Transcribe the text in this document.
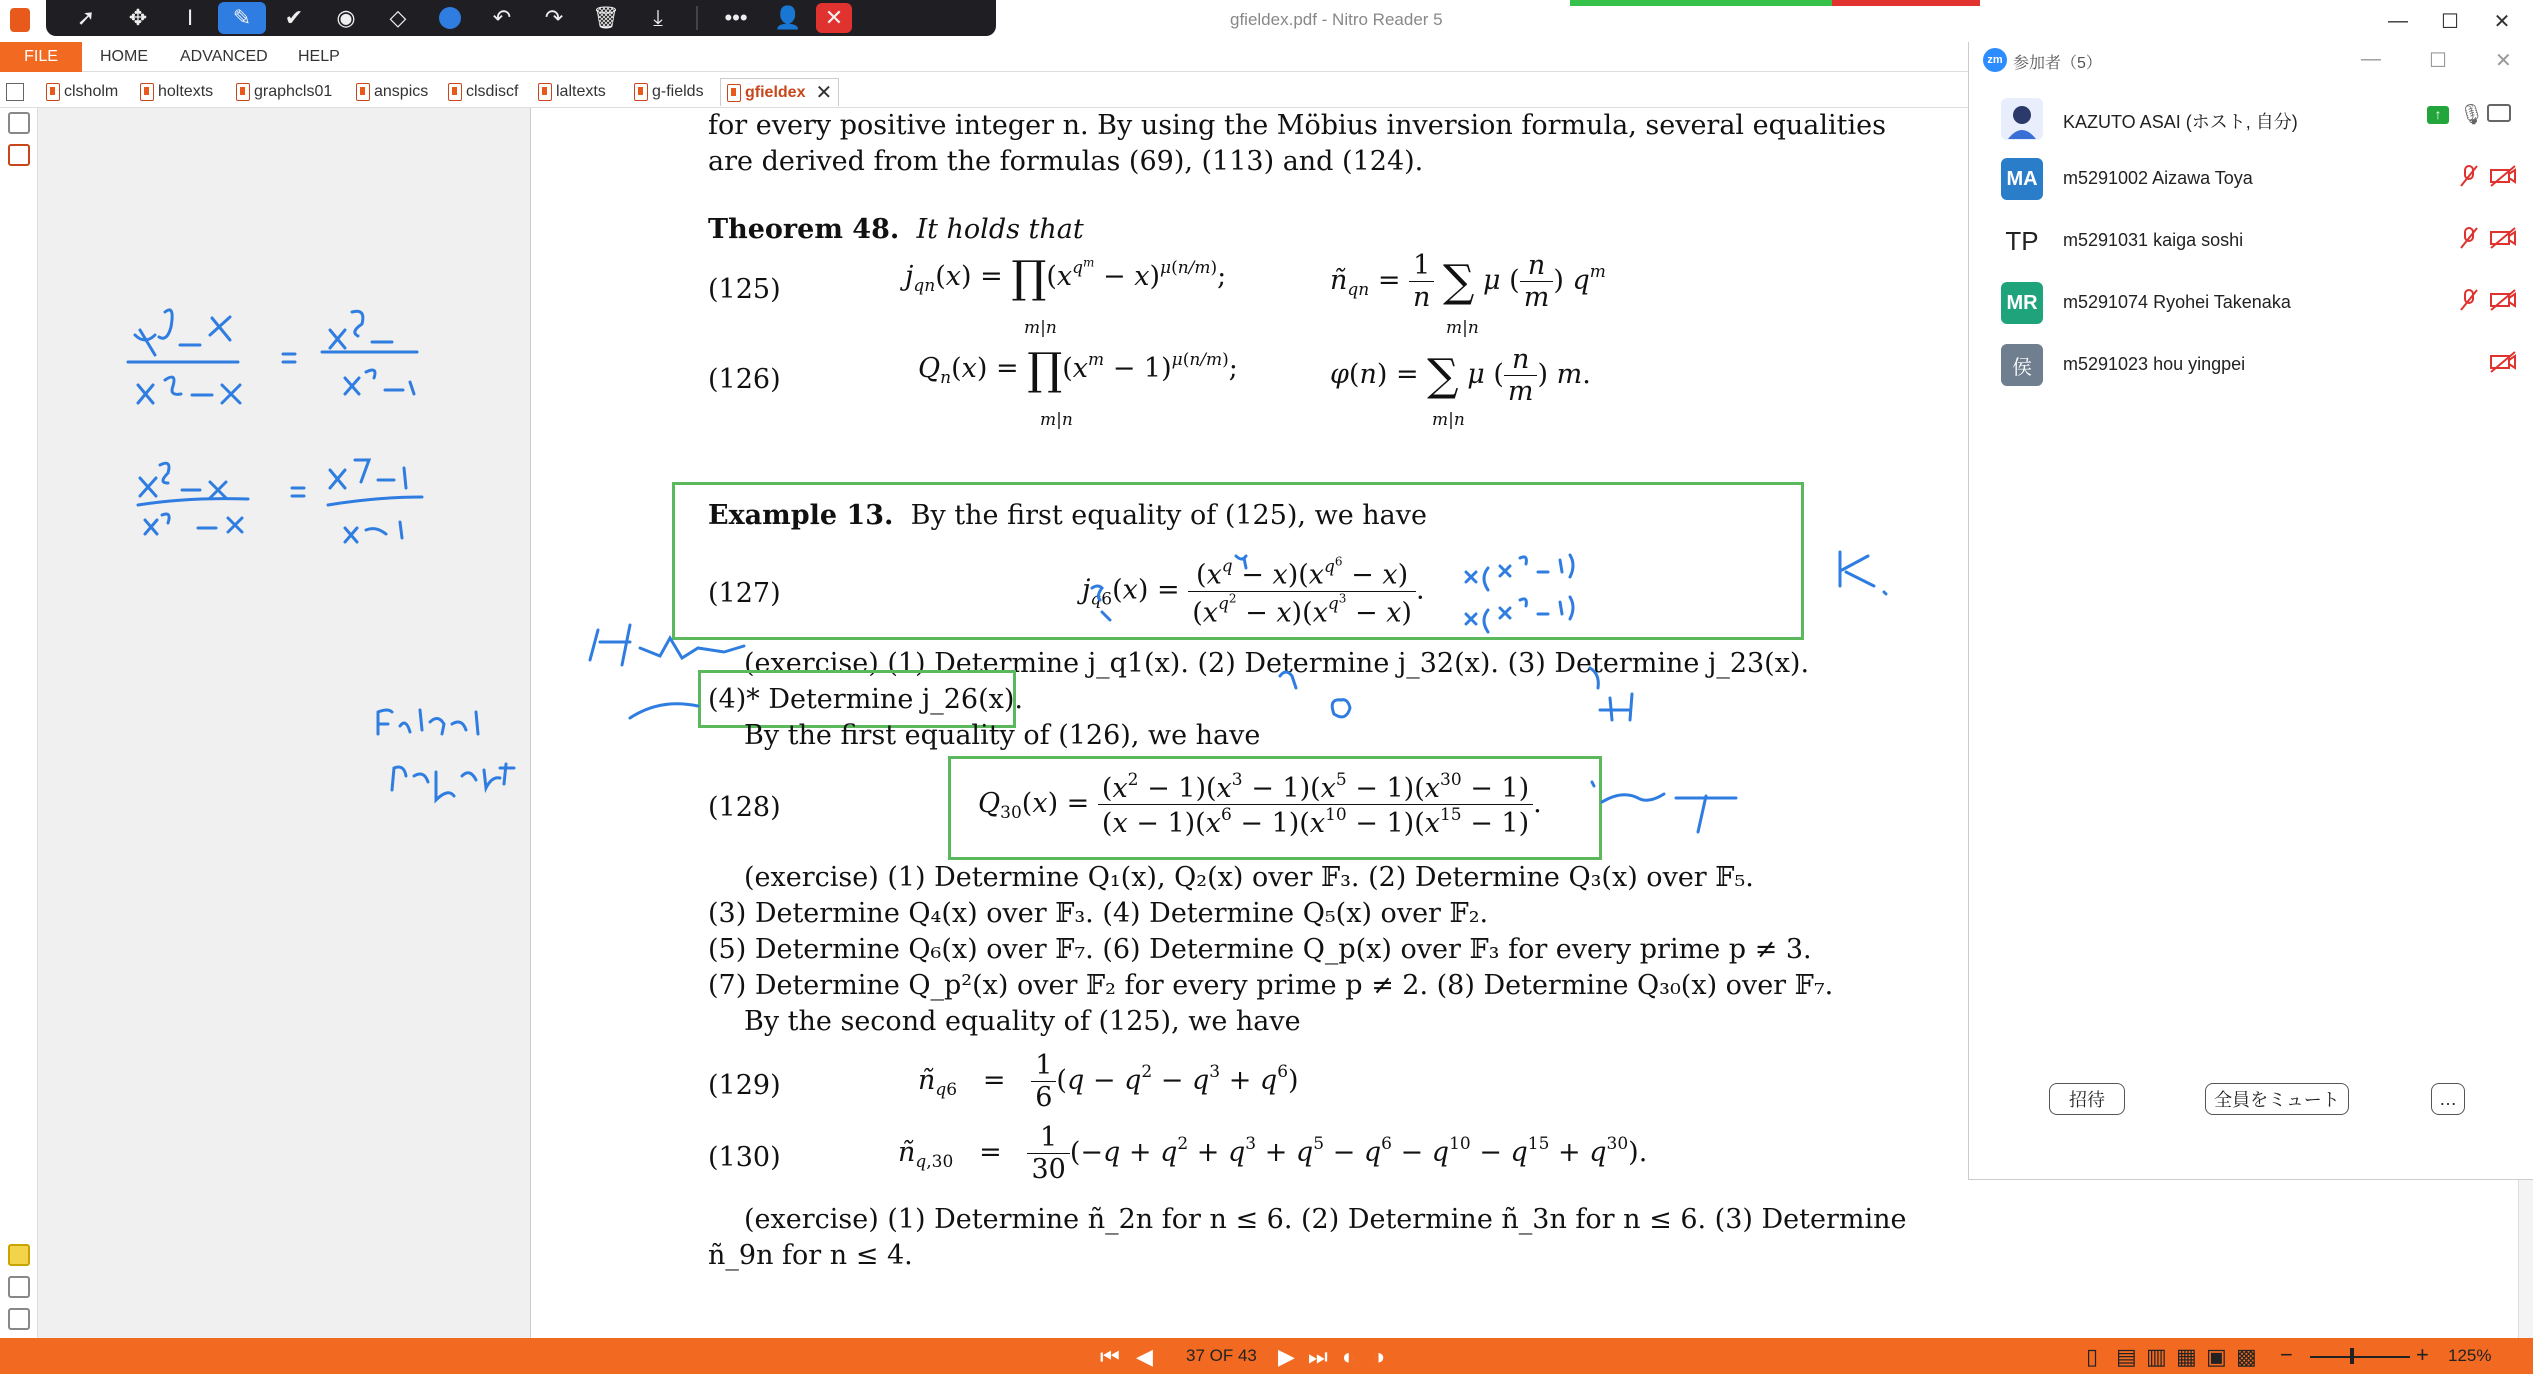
gfieldex.pdf - Nitro Reader 5	—	☐	✕
➚	✥	I	✎	✔	◉	◇	↶	↷	🗑	⤓	•••	👤	✕
FILE	HOME ADVANCED HELP
clsholm holtexts	graphcls01	anspics clsdiscf laltexts	g-fields	gfieldex ✕
for every positive integer n. By using the Möbius inversion formula, several equalities
are derived from the formulas (69), (113) and (124).
Theorem 48. It holds that
(125)	$j_{qn}(x)$ = $\prod(x^{q^m} - x)^{\mu(n/m)}$;
m|n
$ñ_{qn} = \frac{1}{n}$ ∑ μ ( $\frac{n}{m}$ ) $q^m$
m|n
(126)	$Q_n(x)$ = $\prod(x^m - 1)^{\mu(n/m)}$;
m|n
φ(n) = ∑ μ ( $\frac{n}{m}$ ) m.
m|n
Example 13. By the first equality of (125), we have
(127)	$j_{q6}(x) = \frac{(x^q - x)(x^{q^6} - x)}{(x^{q^2} - x)(x^{q^3} - x)}$ .
(exercise) (1) Determine j_q1(x). (2) Determine j_32(x). (3) Determine j_23(x).
(4)* Determine j_26(x).
By the first equality of (126), we have
(128)	$Q_{30}(x) = \frac{(x^2 - 1)(x^3 - 1)(x^5 - 1)(x^{30} - 1)}{(x - 1)(x^6 - 1)(x^{10} - 1)(x^{15} - 1)}$ .
(exercise) (1) Determine Q₁(x), Q₂(x) over 𝔽₃. (2) Determine Q₃(x) over 𝔽₅.
(3) Determine Q₄(x) over 𝔽₃. (4) Determine Q₅(x) over 𝔽₂.
(5) Determine Q₆(x) over 𝔽₇. (6) Determine Q_p(x) over 𝔽₃ for every prime p ≠ 3.
(7) Determine Q_p²(x) over 𝔽₂ for every prime p ≠ 2. (8) Determine Q₃₀(x) over 𝔽₇.
By the second equality of (125), we have
(129)	$ñ_{q6} = \frac{1}{6} (q - q^2 - q^3 + q^6)$
(130)	$ñ_{q,30} = \frac{1}{30} (-q + q^2 + q^3 + q^5 - q^6 - q^{10} - q^{15} + q^{30})$.
(exercise) (1) Determine ñ_2n for n ≤ 6. (2) Determine ñ_3n for n ≤ 6. (3) Determine
ñ_9n for n ≤ 4.
zm 参加者（5）	— ☐ ✕
KAZUTO ASAI (ホスト, 自分)	↑ 🎙
MA	m5291002 Aizawa Toya
TP m5291031 kaiga soshi
MR	m5291074 Ryohei Takenaka
侯	m5291023 hou yingpei
招待	全員をミュート	…
⏮ ◀ 37 OF 43 ▶ ⏭ ◐ ◑	▯ ▤ ▥ ▦ ▣ ▩ −	+ 125%
